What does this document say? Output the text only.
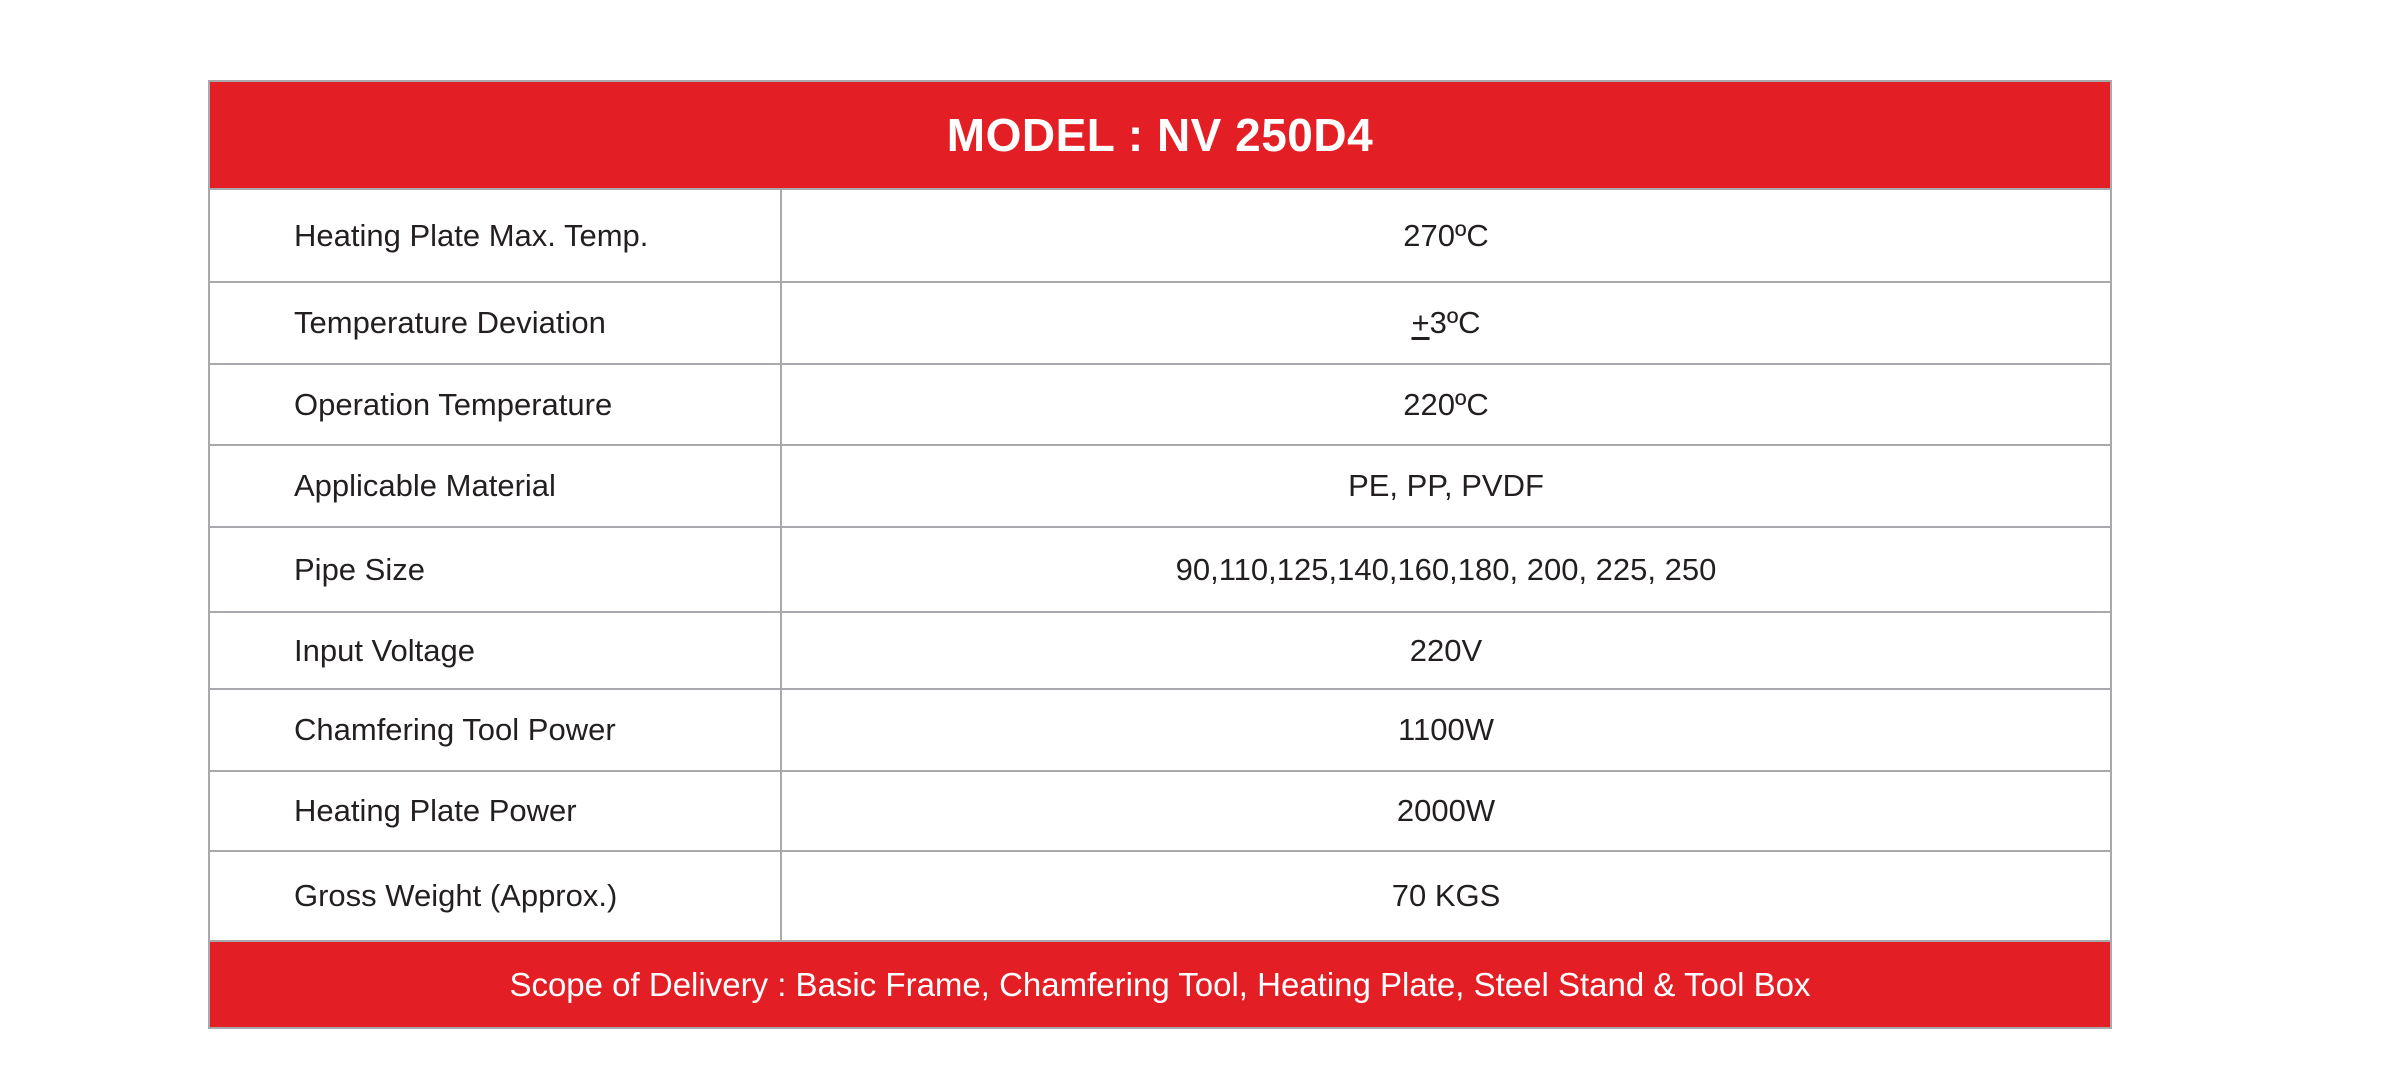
MODEL : NV 250D4
Heating Plate Max. Temp.	270ºC
Temperature Deviation	+ 3ºC
Operation Temperature	220ºC
Applicable Material	PE, PP, PVDF
Pipe Size	90,110,125,140,160,180, 200, 225, 250
Input Voltage	220V
Chamfering Tool Power	1100W
Heating Plate Power	2000W
Gross Weight (Approx.)	70 KGS
Scope of Delivery : Basic Frame, Chamfering Tool, Heating Plate, Steel Stand & Tool Box
